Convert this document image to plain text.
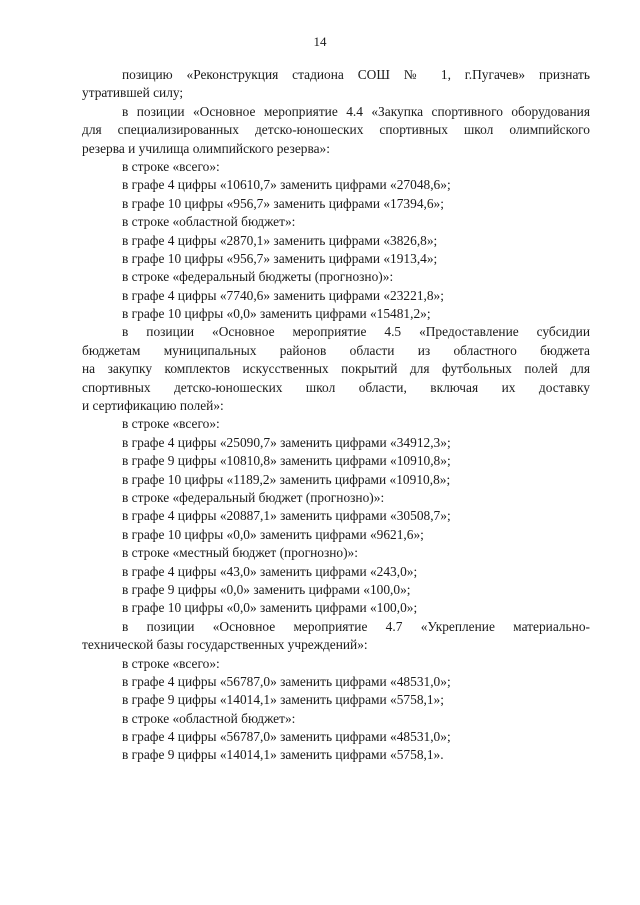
14
позицию «Реконструкция стадиона СОШ № 1, г.Пугачев» признать
утратившей силу;
в позиции «Основное мероприятие 4.4 «Закупка спортивного оборудования
для специализированных детско-юношеских спортивных школ олимпийского
резерва и училища олимпийского резерва»:
в строке «всего»:
в графе 4 цифры «10610,7» заменить цифрами «27048,6»;
в графе 10 цифры «956,7» заменить цифрами «17394,6»;
в строке «областной бюджет»:
в графе 4 цифры «2870,1» заменить цифрами «3826,8»;
в графе 10 цифры «956,7» заменить цифрами «1913,4»;
в строке «федеральный бюджеты (прогнозно)»:
в графе 4 цифры «7740,6» заменить цифрами «23221,8»;
в графе 10 цифры «0,0» заменить цифрами «15481,2»;
в позиции «Основное мероприятие 4.5 «Предоставление субсидии
бюджетам муниципальных районов области из областного бюджета
на закупку комплектов искусственных покрытий для футбольных полей для
спортивных детско-юношеских школ области, включая их доставку
и сертификацию полей»:
в строке «всего»:
в графе 4 цифры «25090,7» заменить цифрами «34912,3»;
в графе 9 цифры «10810,8» заменить цифрами «10910,8»;
в графе 10 цифры «1189,2» заменить цифрами «10910,8»;
в строке «федеральный бюджет (прогнозно)»:
в графе 4 цифры «20887,1» заменить цифрами «30508,7»;
в графе 10 цифры «0,0» заменить цифрами «9621,6»;
в строке «местный бюджет (прогнозно)»:
в графе 4 цифры «43,0» заменить цифрами «243,0»;
в графе 9 цифры «0,0» заменить цифрами «100,0»;
в графе 10 цифры «0,0» заменить цифрами «100,0»;
в позиции «Основное мероприятие 4.7 «Укрепление материально-
технической базы государственных учреждений»:
в строке «всего»:
в графе 4 цифры «56787,0» заменить цифрами «48531,0»;
в графе 9 цифры «14014,1» заменить цифрами «5758,1»;
в строке «областной бюджет»:
в графе 4 цифры «56787,0» заменить цифрами «48531,0»;
в графе 9 цифры «14014,1» заменить цифрами «5758,1».
